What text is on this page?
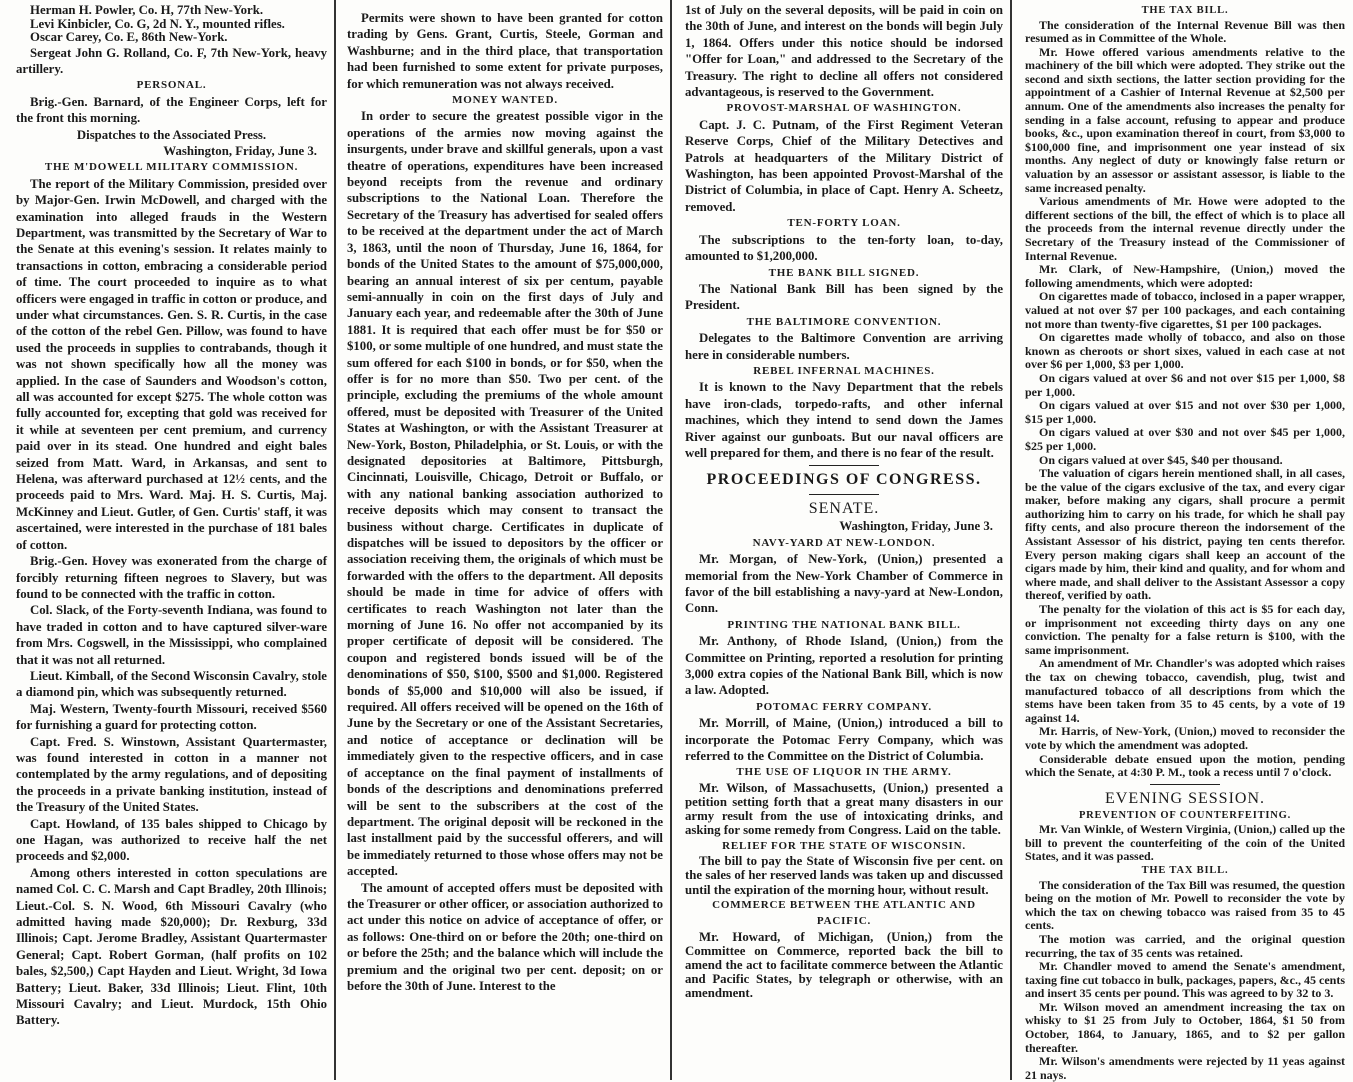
Herman H. Powler, Co. H, 77th New-York.

Levi Kinbicler, Co. G, 2d N. Y., mounted rifles.

Oscar Carey, Co. E, 86th New-York.

Sergeat John G. Rolland, Co. F, 7th New-York, heavy artillery.

PERSONAL.

Brig.-Gen. Barnard, of the Engineer Corps, left for the front this morning.

Dispatches to the Associated Press.
Washington, Friday, June 3.
THE M'DOWELL MILITARY COMMISSION.

The report of the Military Commission, presided over by Major-Gen. Irwin McDowell, and charged with the examination into alleged frauds in the Western Department, was transmitted by the Secretary of War to the Senate at this evening's session. It relates mainly to transactions in cotton, embracing a considerable period of time. The court proceeded to inquire as to what officers were engaged in traffic in cotton or produce, and under what circumstances. Gen. S. R. Curtis, in the case of the cotton of the rebel Gen. Pillow, was found to have used the proceeds in supplies to contrabands, though it was not shown specifically how all the money was applied. In the case of Saunders and Woodson's cotton, all was accounted for except $275. The whole cotton was fully accounted for, excepting that gold was received for it while at seventeen per cent premium, and currency paid over in its stead. One hundred and eight bales seized from Matt. Ward, in Arkansas, and sent to Helena, was afterward purchased at 12½ cents, and the proceeds paid to Mrs. Ward. Maj. H. S. Curtis, Maj. McKinney and Lieut. Gutler, of Gen. Curtis' staff, it was ascertained, were interested in the purchase of 181 bales of cotton.

Brig.-Gen. Hovey was exonerated from the charge of forcibly returning fifteen negroes to Slavery, but was found to be connected with the traffic in cotton.

Col. Slack, of the Forty-seventh Indiana, was found to have traded in cotton and to have captured silver-ware from Mrs. Cogswell, in the Mississippi, who complained that it was not all returned.

Lieut. Kimball, of the Second Wisconsin Cavalry, stole a diamond pin, which was subsequently returned.

Maj. Western, Twenty-fourth Missouri, received $560 for furnishing a guard for protecting cotton.

Capt. Fred. S. Winstown, Assistant Quartermaster, was found interested in cotton in a manner not contemplated by the army regulations, and of depositing the proceeds in a private banking institution, instead of the Treasury of the United States.

Capt. Howland, of 135 bales shipped to Chicago by one Hagan, was authorized to receive half the net proceeds and $2,000.

Among others interested in cotton speculations are named Col. C. C. Marsh and Capt Bradley, 20th Illinois; Lieut.-Col. S. N. Wood, 6th Missouri Cavalry (who admitted having made $20,000); Dr. Rexburg, 33d Illinois; Capt. Jerome Bradley, Assistant Quartermaster General; Capt. Robert Gorman, (half profits on 102 bales, $2,500,) Capt Hayden and Lieut. Wright, 3d Iowa Battery; Lieut. Baker, 33d Illinois; Lieut. Flint, 10th Missouri Cavalry; and Lieut. Murdock, 15th Ohio Battery.

Permits were shown to have been granted for cotton trading by Gens. Grant, Curtis, Steele, Gorman and Washburne; and in the third place, that transportation had been furnished to some extent for private purposes, for which remuneration was not always received.

MONEY WANTED.

In order to secure the greatest possible vigor in the operations of the armies now moving against the insurgents, under brave and skillful generals, upon a vast theatre of operations, expenditures have been increased beyond receipts from the revenue and ordinary subscriptions to the National Loan. Therefore the Secretary of the Treasury has advertised for sealed offers to be received at the department under the act of March 3, 1863, until the noon of Thursday, June 16, 1864, for bonds of the United States to the amount of $75,000,000, bearing an annual interest of six per centum, payable semi-annually in coin on the first days of July and January each year, and redeemable after the 30th of June 1881. It is required that each offer must be for $50 or $100, or some multiple of one hundred, and must state the sum offered for each $100 in bonds, or for $50, when the offer is for no more than $50. Two per cent. of the principle, excluding the premiums of the whole amount offered, must be deposited with Treasurer of the United States at Washington, or with the Assistant Treasurer at New-York, Boston, Philadelphia, or St. Louis, or with the designated depositories at Baltimore, Pittsburgh, Cincinnati, Louisville, Chicago, Detroit or Buffalo, or with any national banking association authorized to receive deposits which may consent to transact the business without charge. Certificates in duplicate of dispatches will be issued to depositors by the officer or association receiving them, the originals of which must be forwarded with the offers to the department. All deposits should be made in time for advice of offers with certificates to reach Washington not later than the morning of June 16. No offer not accompanied by its proper certificate of deposit will be considered. The coupon and registered bonds issued will be of the denominations of $50, $100, $500 and $1,000. Registered bonds of $5,000 and $10,000 will also be issued, if required. All offers received will be opened on the 16th of June by the Secretary or one of the Assistant Secretaries, and notice of acceptance or declination will be immediately given to the respective officers, and in case of acceptance on the final payment of installments of bonds of the descriptions and denominations preferred will be sent to the subscribers at the cost of the department. The original deposit will be reckoned in the last installment paid by the successful offerers, and will be immediately returned to those whose offers may not be accepted.

The amount of accepted offers must be deposited with the Treasurer or other officer, or association authorized to act under this notice on advice of acceptance of offer, or as follows: One-third on or before the 20th; one-third on or before the 25th; and the balance which will include the premium and the original two per cent. deposit; on or before the 30th of June. Interest to the

1st of July on the several deposits, will be paid in coin on the 30th of June, and interest on the bonds will begin July 1, 1864. Offers under this notice should be indorsed "Offer for Loan," and addressed to the Secretary of the Treasury. The right to decline all offers not considered advantageous, is reserved to the Government.

PROVOST-MARSHAL OF WASHINGTON.

Capt. J. C. Putnam, of the First Regiment Veteran Reserve Corps, Chief of the Military Detectives and Patrols at headquarters of the Military District of Washington, has been appointed Provost-Marshal of the District of Columbia, in place of Capt. Henry A. Scheetz, removed.

TEN-FORTY LOAN.

The subscriptions to the ten-forty loan, to-day, amounted to $1,200,000.

THE BANK BILL SIGNED.

The National Bank Bill has been signed by the President.

THE BALTIMORE CONVENTION.

Delegates to the Baltimore Convention are arriving here in considerable numbers.

REBEL INFERNAL MACHINES.

It is known to the Navy Department that the rebels have iron-clads, torpedo-rafts, and other infernal machines, which they intend to send down the James River against our gunboats. But our naval officers are well prepared for them, and there is no fear of the result.

PROCEEDINGS OF CONGRESS.
SENATE.
Washington, Friday, June 3.
NAVY-YARD AT NEW-LONDON.

Mr. Morgan, of New-York, (Union,) presented a memorial from the New-York Chamber of Commerce in favor of the bill establishing a navy-yard at New-London, Conn.

PRINTING THE NATIONAL BANK BILL.

Mr. Anthony, of Rhode Island, (Union,) from the Committee on Printing, reported a resolution for printing 3,000 extra copies of the National Bank Bill, which is now a law. Adopted.

POTOMAC FERRY COMPANY.

Mr. Morrill, of Maine, (Union,) introduced a bill to incorporate the Potomac Ferry Company, which was referred to the Committee on the District of Columbia.

THE USE OF LIQUOR IN THE ARMY.

Mr. Wilson, of Massachusetts, (Union,) presented a petition setting forth that a great many disasters in our army result from the use of intoxicating drinks, and asking for some remedy from Congress. Laid on the table.

RELIEF FOR THE STATE OF WISCONSIN.

The bill to pay the State of Wisconsin five per cent. on the sales of her reserved lands was taken up and discussed until the expiration of the morning hour, without result.

COMMERCE BETWEEN THE ATLANTIC AND PACIFIC.

Mr. Howard, of Michigan, (Union,) from the Committee on Commerce, reported back the bill to amend the act to facilitate commerce between the Atlantic and Pacific States, by telegraph or otherwise, with an amendment.

THE TAX BILL.

The consideration of the Internal Revenue Bill was then resumed as in Committee of the Whole.

Mr. Howe offered various amendments relative to the machinery of the bill which were adopted. They strike out the second and sixth sections, the latter section providing for the appointment of a Cashier of Internal Revenue at $2,500 per annum. One of the amendments also increases the penalty for sending in a false account, refusing to appear and produce books, &c., upon examination thereof in court, from $3,000 to $100,000 fine, and imprisonment one year instead of six months. Any neglect of duty or knowingly false return or valuation by an assessor or assistant assessor, is liable to the same increased penalty.

Various amendments of Mr. Howe were adopted to the different sections of the bill, the effect of which is to place all the proceeds from the internal revenue directly under the Secretary of the Treasury instead of the Commissioner of Internal Revenue.

Mr. Clark, of New-Hampshire, (Union,) moved the following amendments, which were adopted:

On cigarettes made of tobacco, inclosed in a paper wrapper, valued at not over $7 per 100 packages, and each containing not more than twenty-five cigarettes, $1 per 100 packages.

On cigarettes made wholly of tobacco, and also on those known as cheroots or short sixes, valued in each case at not over $6 per 1,000, $3 per 1,000.

On cigars valued at over $6 and not over $15 per 1,000, $8 per 1,000.

On cigars valued at over $15 and not over $30 per 1,000, $15 per 1,000.

On cigars valued at over $30 and not over $45 per 1,000, $25 per 1,000.

On cigars valued at over $45, $40 per thousand.

The valuation of cigars herein mentioned shall, in all cases, be the value of the cigars exclusive of the tax, and every cigar maker, before making any cigars, shall procure a permit authorizing him to carry on his trade, for which he shall pay fifty cents, and also procure thereon the indorsement of the Assistant Assessor of his district, paying ten cents therefor. Every person making cigars shall keep an account of the cigars made by him, their kind and quality, and for whom and where made, and shall deliver to the Assistant Assessor a copy thereof, verified by oath.

The penalty for the violation of this act is $5 for each day, or imprisonment not exceeding thirty days on any one conviction. The penalty for a false return is $100, with the same imprisonment.

An amendment of Mr. Chandler's was adopted which raises the tax on chewing tobacco, cavendish, plug, twist and manufactured tobacco of all descriptions from which the stems have been taken from 35 to 45 cents, by a vote of 19 against 14.

Mr. Harris, of New-York, (Union,) moved to reconsider the vote by which the amendment was adopted.

Considerable debate ensued upon the motion, pending which the Senate, at 4:30 P. M., took a recess until 7 o'clock.

EVENING SESSION.
PREVENTION OF COUNTERFEITING.

Mr. Van Winkle, of Western Virginia, (Union,) called up the bill to prevent the counterfeiting of the coin of the United States, and it was passed.

THE TAX BILL.

The consideration of the Tax Bill was resumed, the question being on the motion of Mr. Powell to reconsider the vote by which the tax on chewing tobacco was raised from 35 to 45 cents.

The motion was carried, and the original question recurring, the tax of 35 cents was retained.

Mr. Chandler moved to amend the Senate's amendment, taxing fine cut tobacco in bulk, packages, papers, &c., 45 cents and insert 35 cents per pound. This was agreed to by 32 to 3.

Mr. Wilson moved an amendment increasing the tax on whisky to $1 25 from July to October, 1864, $1 50 from October, 1864, to January, 1865, and to $2 per gallon thereafter.

Mr. Wilson's amendments were rejected by 11 yeas against 21 nays.
